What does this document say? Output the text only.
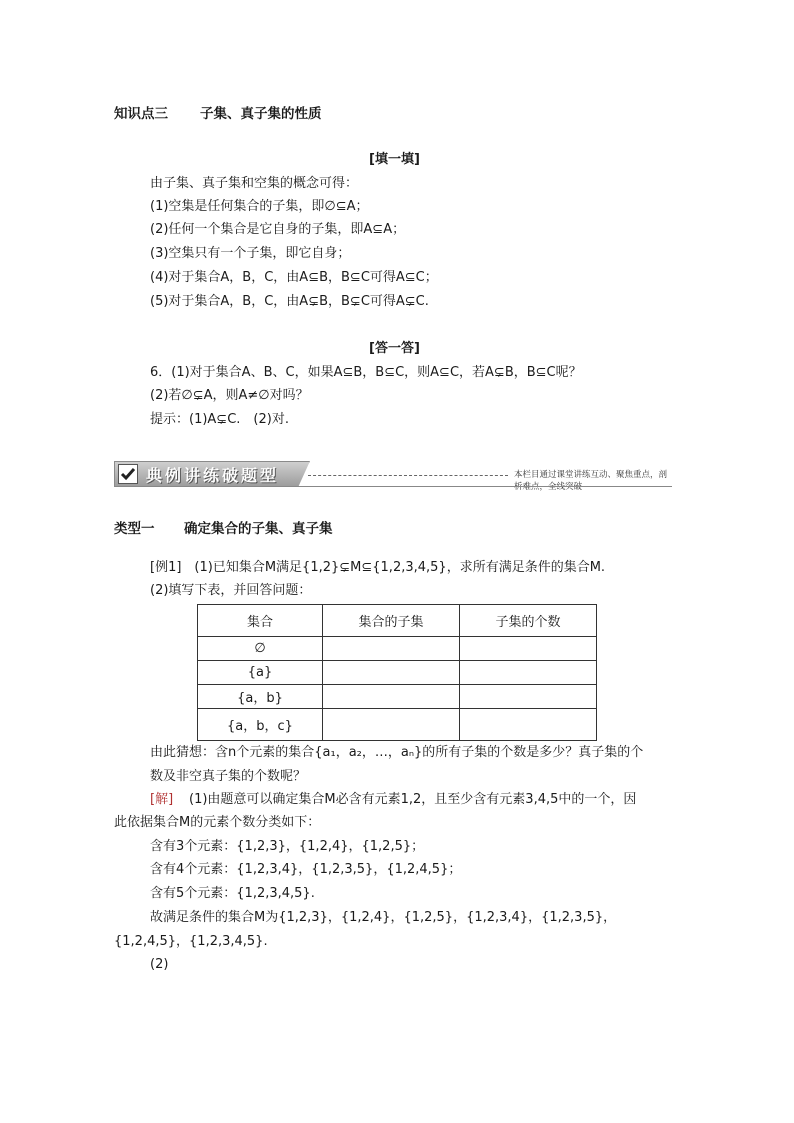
知识点三 子集、真子集的性质
[填一填]
由子集、真子集和空集的概念可得：
(1)空集是任何集合的子集，即∅⊆A；
(2)任何一个集合是它自身的子集，即A⊆A；
(3)空集只有一个子集，即它自身；
(4)对于集合A，B，C，由A⊆B，B⊆C可得A⊆C；
(5)对于集合A，B，C，由A⊊B，B⊊C可得A⊊C.
[答一答]
6．(1)对于集合A、B、C，如果A⊆B，B⊆C，则A⊆C，若A⊊B，B⊆C呢？
(2)若∅⊊A，则A≠∅对吗？
提示：(1)A⊊C.　(2)对.
典例讲练破题型	本栏目通过课堂讲练互动、聚焦重点，剖析难点，全线突破
类型一 确定集合的子集、真子集
[例1]　(1)已知集合M满足{1,2}⊊M⊆{1,2,3,4,5}，求所有满足条件的集合M.
(2)填写下表，并回答问题：
集合	集合的子集	子集的个数
∅		
{a}		
{a，b}		
{a，b，c}		
由此猜想：含n个元素的集合{a₁，a₂，…，aₙ}的所有子集的个数是多少？真子集的个
数及非空真子集的个数呢？
[解] (1)由题意可以确定集合M必含有元素1,2，且至少含有元素3,4,5中的一个，因
此依据集合M的元素个数分类如下：
含有3个元素：{1,2,3}，{1,2,4}，{1,2,5}；
含有4个元素：{1,2,3,4}，{1,2,3,5}，{1,2,4,5}；
含有5个元素：{1,2,3,4,5}.
故满足条件的集合M为{1,2,3}，{1,2,4}，{1,2,5}，{1,2,3,4}，{1,2,3,5}，
{1,2,4,5}，{1,2,3,4,5}.
(2)
